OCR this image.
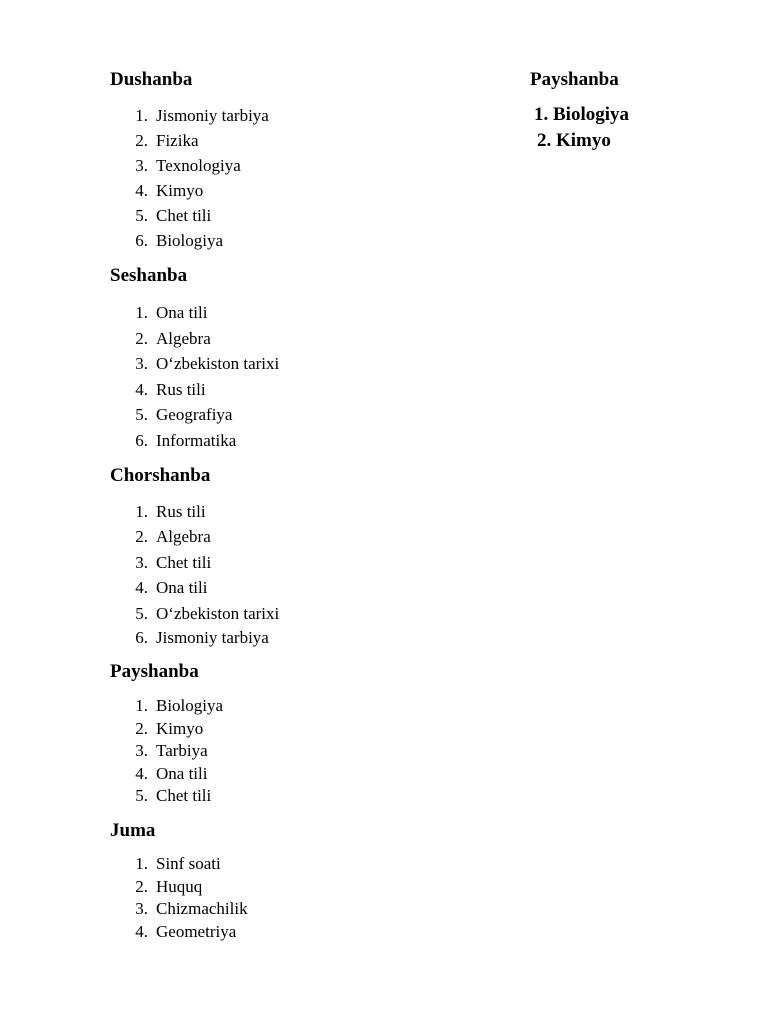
Dushanba
1. Jismoniy tarbiya
2. Fizika
3. Texnologiya
4. Kimyo
5. Chet tili
6. Biologiya
Seshanba
1. Ona tili
2. Algebra
3. O‘zbekiston tarixi
4. Rus tili
5. Geografiya
6. Informatika
Chorshanba
1. Rus tili
2. Algebra
3. Chet tili
4. Ona tili
5. O‘zbekiston tarixi
6. Jismoniy tarbiya
Payshanba
1. Biologiya
2. Kimyo
3. Tarbiya
4. Ona tili
5. Chet tili
Juma
1. Sinf soati
2. Huquq
3. Chizmachilik
4. Geometriya
Payshanba
1. Biologiya
2. Kimyo
